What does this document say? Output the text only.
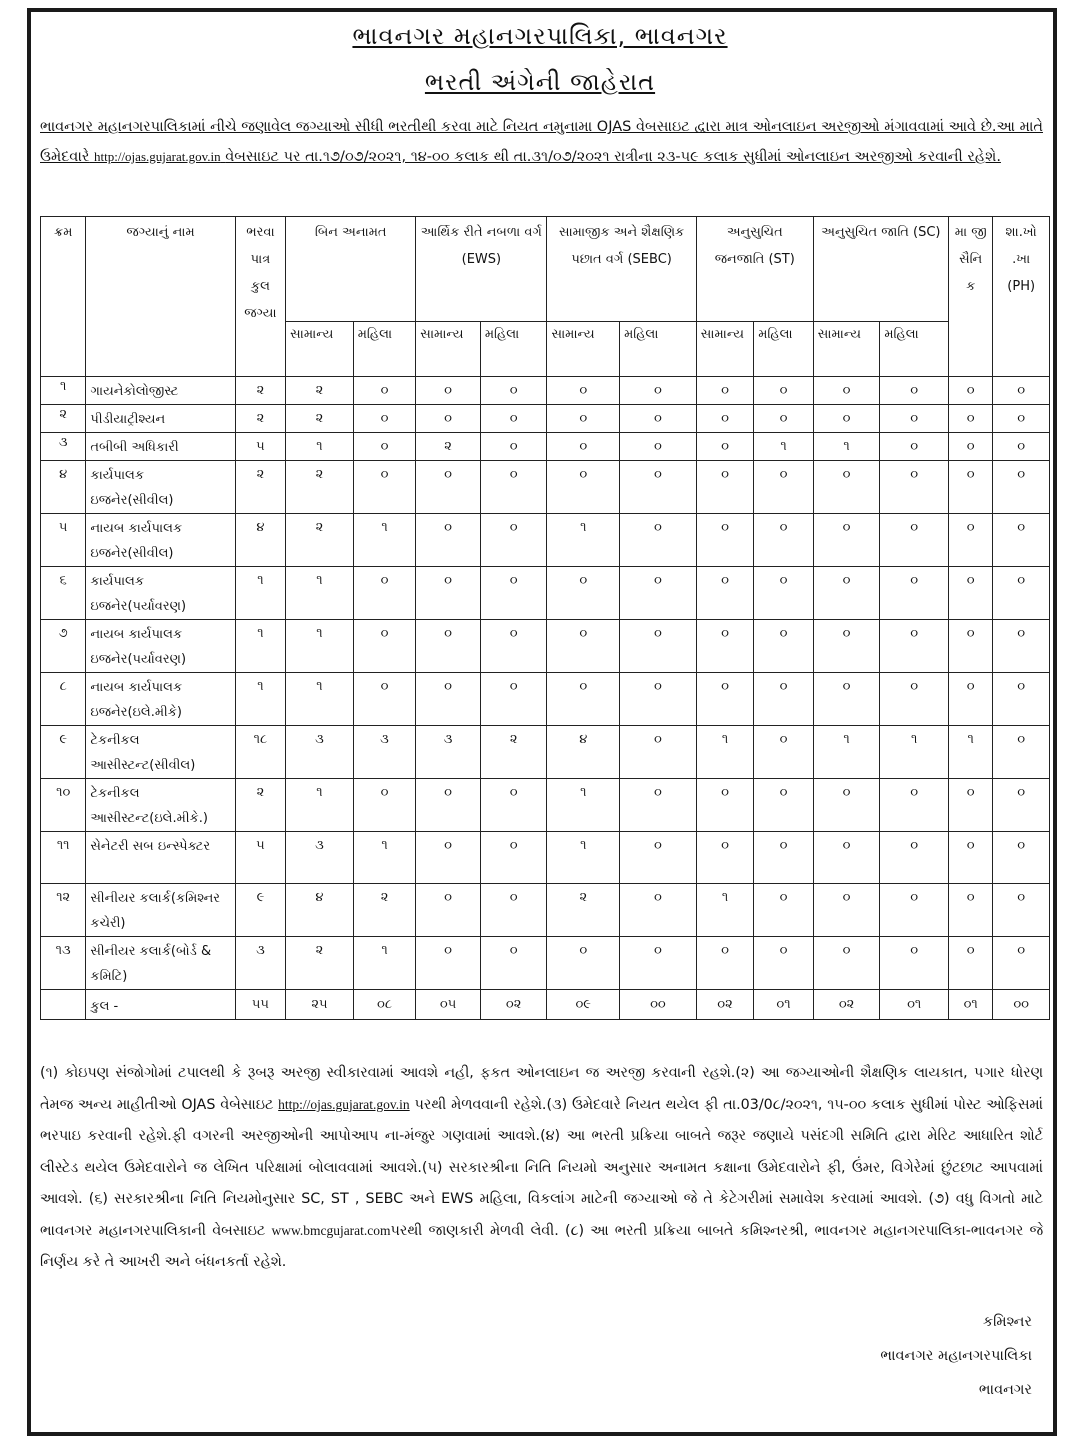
ભાવનગર મહાનગરપાલિકા, ભાવનગર
ભરતી અંગેની જાહેરાત
ભાવનગર મહાનગરપાલિકામાં નીચે જણાવેલ જગ્યાઓ સીધી ભરતીથી કરવા માટે નિયત નમુનામા OJAS વેબસાઇટ દ્વારા માત્ર ઓનલાઇન અરજીઓ મંગાવવામાં આવે છે.આ માતે ઉમેદવારે http://ojas.gujarat.gov.in વેબસાઇટ પર તા.૧૭/૦૭/૨૦૨૧, ૧૪-૦૦ કલાક થી તા.૩૧/૦૭/૨૦૨૧ રાત્રીના ૨૩-૫૯ કલાક સુધીમાં ઓનલાઇન અરજીઓ કરવાની રહેશે.
ક્રમ	જગ્યાનું નામ	ભરવા પાત્ર કુલ જગ્યા	બિન અનામત		આર્થિક રીતે નબળા વર્ગ (EWS)		સામાજીક અને શૈક્ષણિક પછાત વર્ગ (SEBC)		અનુસુચિત જનજાતિ (ST)		અનુસુચિત જાતિ (SC)		મા જી સૈનિ ક	શા.ખો .ખા (PH)
			સામાન્ય	મહિલા	સામાન્ય	મહિલા	સામાન્ય	મહિલા	સામાન્ય	મહિલા	સામાન્ય	મહિલા		
૧	ગાયનેકોલોજીસ્ટ	૨	૨	૦	૦	૦	૦	૦	૦	૦	૦	૦	૦	૦
૨	પીડીયાટ્રીશ્યન	૨	૨	૦	૦	૦	૦	૦	૦	૦	૦	૦	૦	૦
૩	તબીબી અધિકારી	૫	૧	૦	૨	૦	૦	૦	૦	૧	૧	૦	૦	૦
૪	કાર્યપાલક ઇજનેર(સીવીલ)	૨	૨	૦	૦	૦	૦	૦	૦	૦	૦	૦	૦	૦
૫	નાયબ કાર્યપાલક ઇજનેર(સીવીલ)	૪	૨	૧	૦	૦	૧	૦	૦	૦	૦	૦	૦	૦
૬	કાર્યપાલક ઇજનેર(પર્યાવરણ)	૧	૧	૦	૦	૦	૦	૦	૦	૦	૦	૦	૦	૦
૭	નાયબ કાર્યપાલક ઇજનેર(પર્યાવરણ)	૧	૧	૦	૦	૦	૦	૦	૦	૦	૦	૦	૦	૦
૮	નાયબ કાર્યપાલક ઇજનેર(ઇલે.મીકે)	૧	૧	૦	૦	૦	૦	૦	૦	૦	૦	૦	૦	૦
૯	ટેકનીકલ આસીસ્ટન્ટ(સીવીલ)	૧૮	૩	૩	૩	૨	૪	૦	૧	૦	૧	૧	૧	૦
૧૦	ટેકનીકલ આસીસ્ટન્ટ(ઇલે.મીકે.)	૨	૧	૦	૦	૦	૧	૦	૦	૦	૦	૦	૦	૦
૧૧	સેનેટરી સબ ઇન્સ્પેક્ટર	૫	૩	૧	૦	૦	૧	૦	૦	૦	૦	૦	૦	૦
૧૨	સીનીયર કલાર્ક(કમિશ્નર કચેરી)	૯	૪	૨	૦	૦	૨	૦	૧	૦	૦	૦	૦	૦
૧૩	સીનીયર કલાર્ક(બોર્ડ & કમિટિ)	૩	૨	૧	૦	૦	૦	૦	૦	૦	૦	૦	૦	૦
	કુલ -	૫૫	૨૫	૦૮	૦૫	૦૨	૦૯	૦૦	૦૨	૦૧	૦૨	૦૧	૦૧	૦૦
(૧) કોઇપણ સંજોગોમાં ટપાલથી કે રૂબરૂ અરજી સ્વીકારવામાં આવશે નહી, ફકત ઓનલાઇન જ અરજી કરવાની રહશે.(૨) આ જગ્યાઓની શૈક્ષણિક લાયકાત, પગાર ધોરણ તેમજ અન્ય માહીતીઓ OJAS વેબેસાઇટ http://ojas.gujarat.gov.in પરથી મેળવવાની રહેશે.(૩) ઉમેદવારે નિયત થયેલ ફી તા.03/0૮/૨૦૨૧, ૧૫-૦૦ કલાક સુધીમાં પોસ્ટ ઓફિસમાં ભરપાઇ કરવાની રહેશે.ફી વગરની અરજીઓની આપોઆપ ના-મંજુર ગણવામાં આવશે.(૪) આ ભરતી પ્રક્રિયા બાબતે જરૂર જણાયે પસંદગી સમિતિ દ્વારા મેરિટ આધારિત શોર્ટ લીસ્ટેડ થયેલ ઉમેદવારોને જ લેખિત પરિક્ષામાં બોલાવવામાં આવશે.(૫) સરકારશ્રીના નિતિ નિયમો અનુસાર અનામત કક્ષાના ઉમેદવારોને ફી, ઉંમર, વિગેરેમાં છુંટછાટ આપવામાં આવશે. (૬) સરકારશ્રીના નિતિ નિયમોનુસાર SC, ST , SEBC અને EWS મહિલા, વિકલાંગ માટેની જગ્યાઓ જે તે કેટેગરીમાં સમાવેશ કરવામાં આવશે. (૭) વધુ વિગતો માટે ભાવનગર મહાનગરપાલિકાની વેબસાઇટ www.bmcgujarat.comપરથી જાણકારી મેળવી લેવી. (૮) આ ભરતી પ્રક્રિયા બાબતે કમિશ્નરશ્રી, ભાવનગર મહાનગરપાલિકા-ભાવનગર જે નિર્ણય કરે તે આખરી અને બંધનકર્તા રહેશે.
કમિશ્નર
ભાવનગર મહાનગરપાલિકા
ભાવનગર
